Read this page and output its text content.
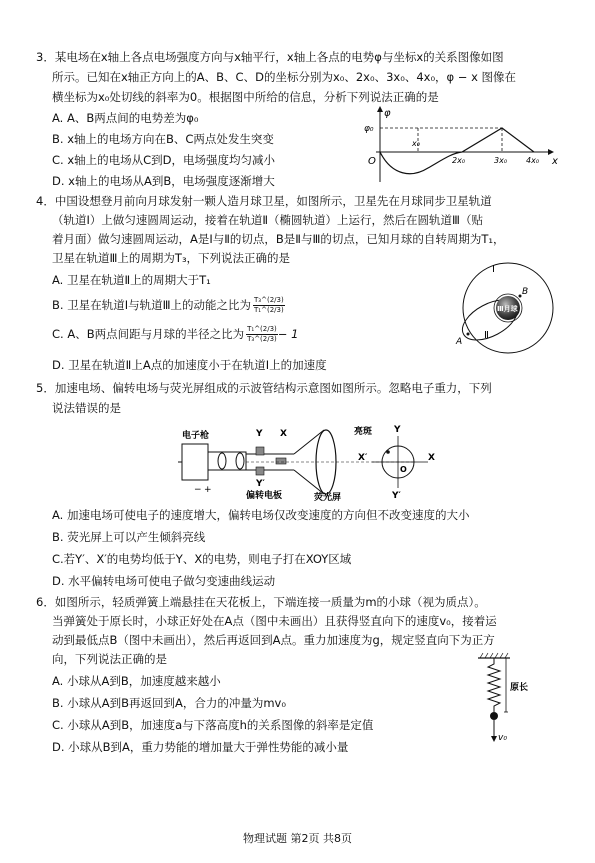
3．某电场在x轴上各点电场强度方向与x轴平行，x轴上各点的电势φ与坐标x的关系图像如图
所示。已知在x轴正方向上的A、B、C、D的坐标分别为x₀、2x₀、3x₀、4x₀，φ − x 图像在
横坐标为x₀处切线的斜率为0。根据图中所给的信息，分析下列说法正确的是
A. A、B两点间的电势差为φ₀
B. x轴上的电场方向在B、C两点处发生突变
C. x轴上的电场从C到D，电场强度均匀减小
D. x轴上的电场从A到B，电场强度逐渐增大
φ
φ₀
O
x₀
2x₀	3x₀ 4x₀ x
4．中国设想登月前向月球发射一颗人造月球卫星，如图所示，卫星先在月球同步卫星轨道
（轨道Ⅰ）上做匀速圆周运动，接着在轨道Ⅱ（椭圆轨道）上运行，然后在圆轨道Ⅲ（贴
着月面）做匀速圆周运动，A是Ⅰ与Ⅱ的切点，B是Ⅱ与Ⅲ的切点，已知月球的自转周期为T₁，
卫星在轨道Ⅲ上的周期为T₃，下列说法正确的是
A. 卫星在轨道Ⅱ上的周期大于T₁
B. 卫星在轨道Ⅰ与轨道Ⅲ上的动能之比为 $\frac{\text{T₃\textasciicircum{}(2/3)}}{\text{T₁\textasciicircum{}(2/3)}}$
C. A、B两点间距与月球的半径之比为 $\frac{\text{T₁\textasciicircum{}(2/3)}}{\text{T₃\textasciicircum{}(2/3)}} - 1$
D. 卫星在轨道Ⅱ上A点的加速度小于在轨道Ⅰ上的加速度
Ⅲ月球
Ⅰ
Ⅱ
A
B
5．加速电场、偏转电场与荧光屏组成的示波管结构示意图如图所示。忽略电子重力，下列
说法错误的是
电子枪
偏转电板	荧光屏
亮斑
Y
Y′
X
X′
Y
Y′
X
O
− +
A. 加速电场可使电子的速度增大，偏转电场仅改变速度的方向但不改变速度的大小
B. 荧光屏上可以产生倾斜亮线
C.若Y′、X′的电势均低于Y、X的电势，则电子打在XOY区域
D. 水平偏转电场可使电子做匀变速曲线运动
6．如图所示，轻质弹簧上端悬挂在天花板上，下端连接一质量为m的小球（视为质点）。
当弹簧处于原长时，小球正好处在A点（图中未画出）且获得竖直向下的速度v₀，接着运
动到最低点B（图中未画出），然后再返回到A点。重力加速度为g，规定竖直向下为正方
向，下列说法正确的是
A. 小球从A到B，加速度越来越小
B. 小球从A到B再返回到A，合力的冲量为mv₀
C. 小球从A到B，加速度a与下落高度h的关系图像的斜率是定值
D. 小球从B到A，重力势能的增加量大于弹性势能的减小量
原长
v₀
物理试题 第2页 共8页
